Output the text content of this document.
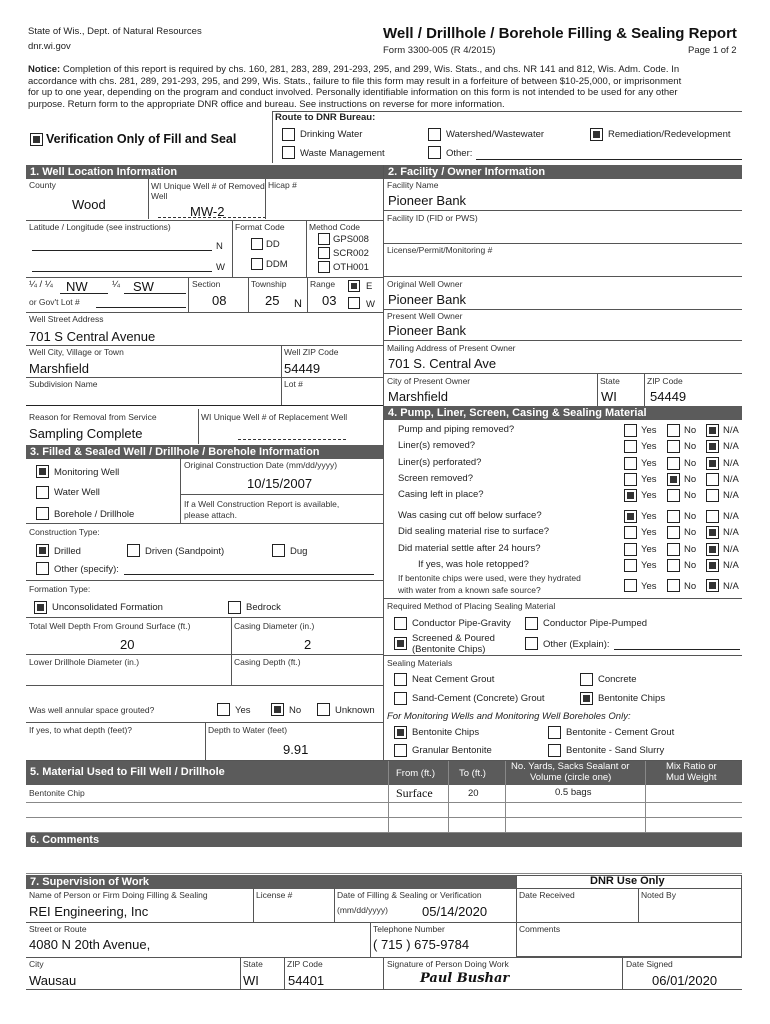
State of Wis., Dept. of Natural Resources
dnr.wi.gov
Well / Drillhole / Borehole Filling & Sealing Report
Form 3300-005 (R 4/2015)	Page 1 of 2
Notice: Completion of this report is required by chs. 160, 281, 283, 289, 291-293, 295, and 299, Wis. Stats., and chs. NR 141 and 812, Wis. Adm. Code. In
accordance with chs. 281, 289, 291-293, 295, and 299, Wis. Stats., failure to file this form may result in a forfeiture of between $10-25,000, or imprisonment
for up to one year, depending on the program and conduct involved. Personally identifiable information on this form is not intended to be used for any other
purpose. Return form to the appropriate DNR office and bureau. See instructions on reverse for more information.
Route to DNR Bureau:
Verification Only of Fill and Seal	Drinking Water	Watershed/Wastewater	Remediation/Redevelopment
Waste Management	Other:
1. Well Location Information
County
Wood
WI Unique Well # of Removed Well
MW-2
Hicap #
Latitude / Longitude (see instructions)
N
W
Format Code
DD
DDM
Method Code
GPS008
SCR002
OTH001
¼ / ¼ NW	¼ SW
or Gov't Lot #
Section
08
Township
25 N
Range
03
E
W
Well Street Address
701 S Central Avenue
Well City, Village or Town
Marshfield
Well ZIP Code
54449
Subdivision Name	Lot #
Reason for Removal from Service
Sampling Complete
WI Unique Well # of Replacement Well
3. Filled & Sealed Well / Drillhole / Borehole Information
Monitoring Well
Water Well
Borehole / Drillhole
Original Construction Date (mm/dd/yyyy)
10/15/2007
If a Well Construction Report is available,
please attach.
Construction Type:
Drilled	Driven (Sandpoint)	Dug
Other (specify):
Formation Type:
Unconsolidated Formation	Bedrock
Total Well Depth From Ground Surface (ft.)
20
Casing Diameter (in.)
2
Lower Drillhole Diameter (in.)	Casing Depth (ft.)
Was well annular space grouted?	Yes	No	Unknown
If yes, to what depth (feet)?	Depth to Water (feet)
9.91
2. Facility / Owner Information
Facility Name
Pioneer Bank
Facility ID (FID or PWS)
License/Permit/Monitoring #
Original Well Owner
Pioneer Bank
Present Well Owner
Pioneer Bank
Mailing Address of Present Owner
701 S. Central Ave
City of Present Owner
Marshfield
State
WI
ZIP Code
54449
4. Pump, Liner, Screen, Casing & Sealing Material
Pump and piping removed?	Yes	No	N/A
Liner(s) removed?	Yes	No	N/A
Liner(s) perforated?	Yes	No	N/A
Screen removed?	Yes	No	N/A
Casing left in place?	Yes	No	N/A
Was casing cut off below surface?	Yes	No	N/A
Did sealing material rise to surface?	Yes	No	N/A
Did material settle after 24 hours?	Yes	No	N/A
If yes, was hole retopped?	Yes	No	N/A
If bentonite chips were used, were they hydrated
with water from a known safe source?	Yes	No	N/A
Required Method of Placing Sealing Material
Conductor Pipe-Gravity	Conductor Pipe-Pumped
Screened & Poured
(Bentonite Chips)	Other (Explain):
Sealing Materials
Neat Cement Grout	Concrete
Sand-Cement (Concrete) Grout	Bentonite Chips
For Monitoring Wells and Monitoring Well Boreholes Only:
Bentonite Chips	Bentonite - Cement Grout
Granular Bentonite	Bentonite - Sand Slurry
5. Material Used to Fill Well / Drillhole	From (ft.)	To (ft.)
No. Yards, Sacks Sealant or
Volume (circle one)
Mix Ratio or
Mud Weight
Bentonite Chip	Surface	20	0.5 bags
6. Comments
7. Supervision of Work	DNR Use Only
Date Received	Noted By
Comments
Name of Person or Firm Doing Filling & Sealing
REI Engineering, Inc
License #	Date of Filling & Sealing or Verification
(mm/dd/yyyy)	05/14/2020
Street or Route
4080 N 20th Avenue,
Telephone Number
( 715 ) 675-9784
City
Wausau
State
WI
ZIP Code
54401
Signature of Person Doing Work
Paul Bushar
Date Signed
06/01/2020
